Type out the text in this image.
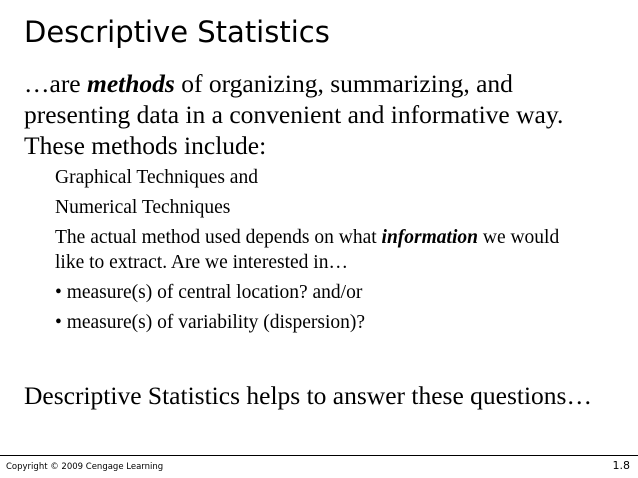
Descriptive Statistics
…are methods of organizing, summarizing, and presenting data in a convenient and informative way. These methods include:
Graphical Techniques and
Numerical Techniques
The actual method used depends on what information we would
like to extract. Are we interested in…
• measure(s) of central location? and/or
• measure(s) of variability (dispersion)?
Descriptive Statistics helps to answer these questions…
Copyright © 2009 Cengage Learning	1.8
